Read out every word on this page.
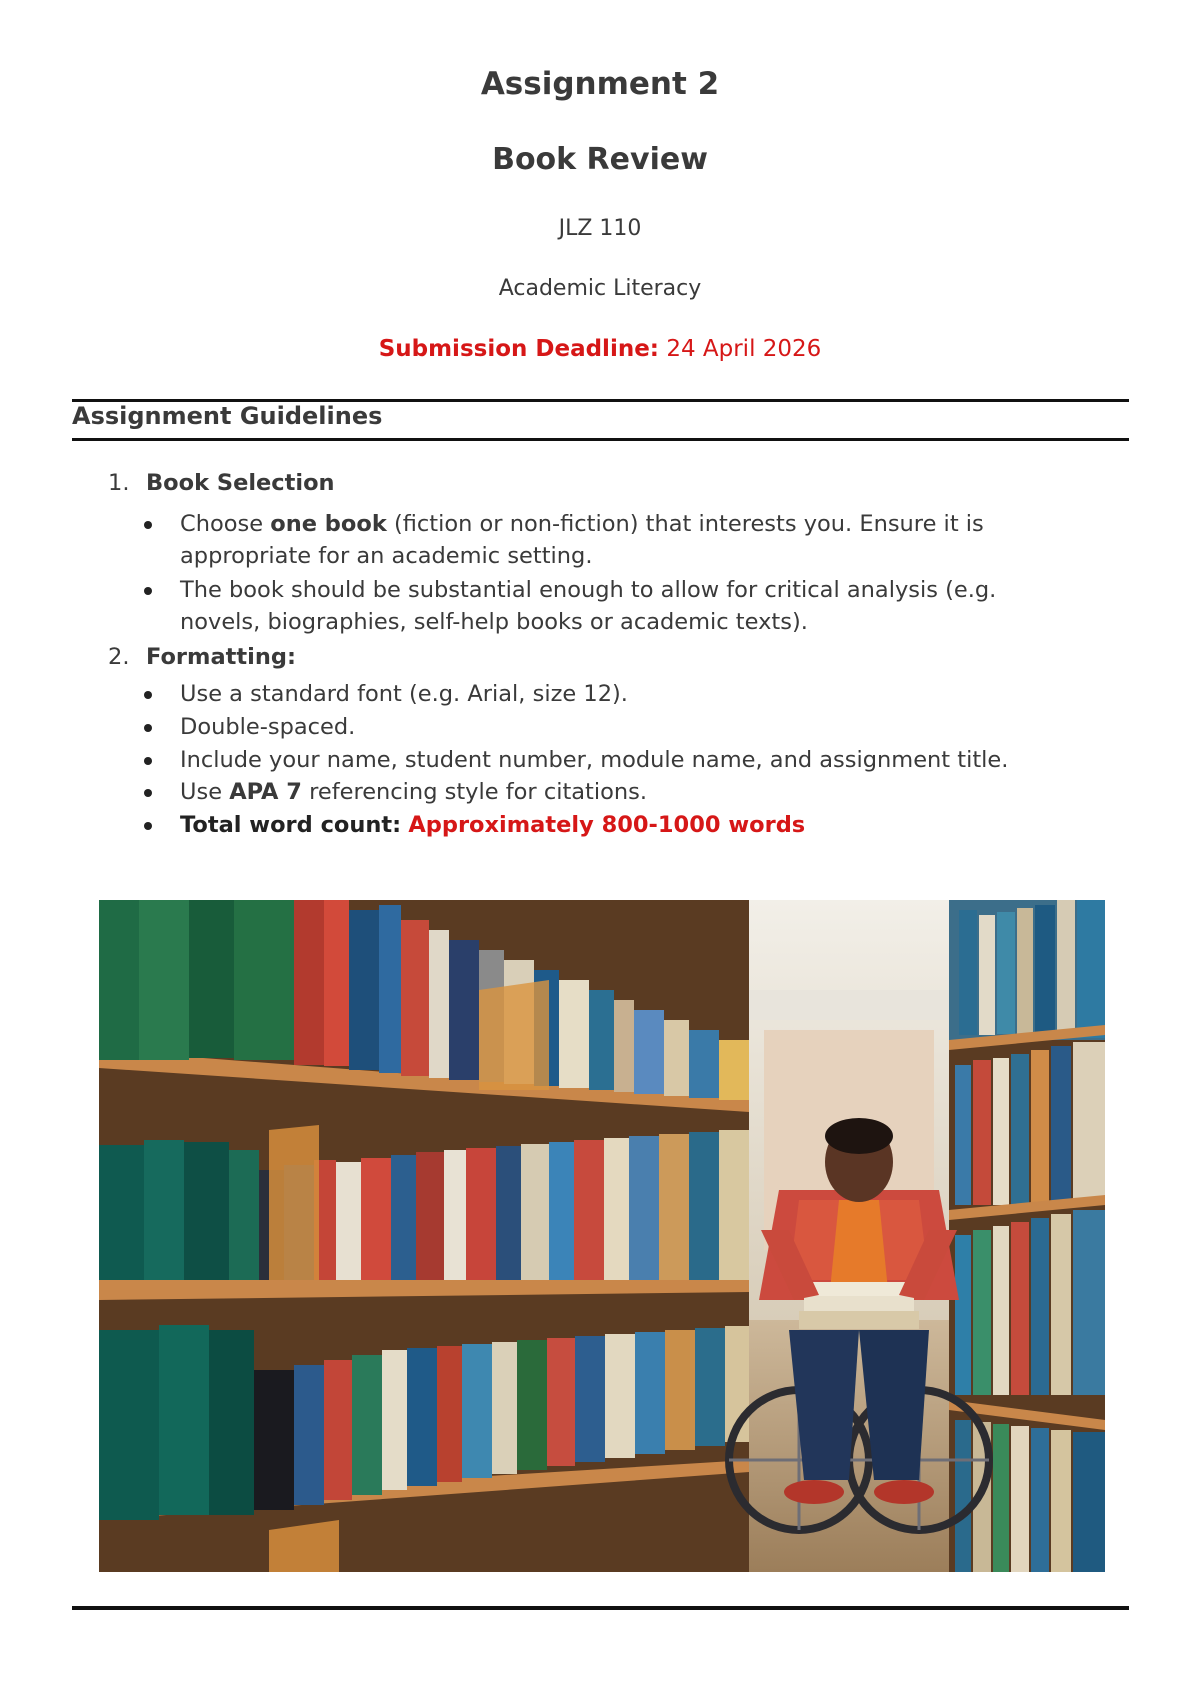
Assignment 2
Book Review
JLZ 110
Academic Literacy
Submission Deadline: 24 April 2026
Assignment Guidelines
1. Book Selection
Choose one book (fiction or non-fiction) that interests you. Ensure it is appropriate for an academic setting.
The book should be substantial enough to allow for critical analysis (e.g. novels, biographies, self-help books or academic texts).
2. Formatting:
Use a standard font (e.g. Arial, size 12).
Double-spaced.
Include your name, student number, module name, and assignment title.
Use APA 7 referencing style for citations.
Total word count: Approximately 800-1000 words
